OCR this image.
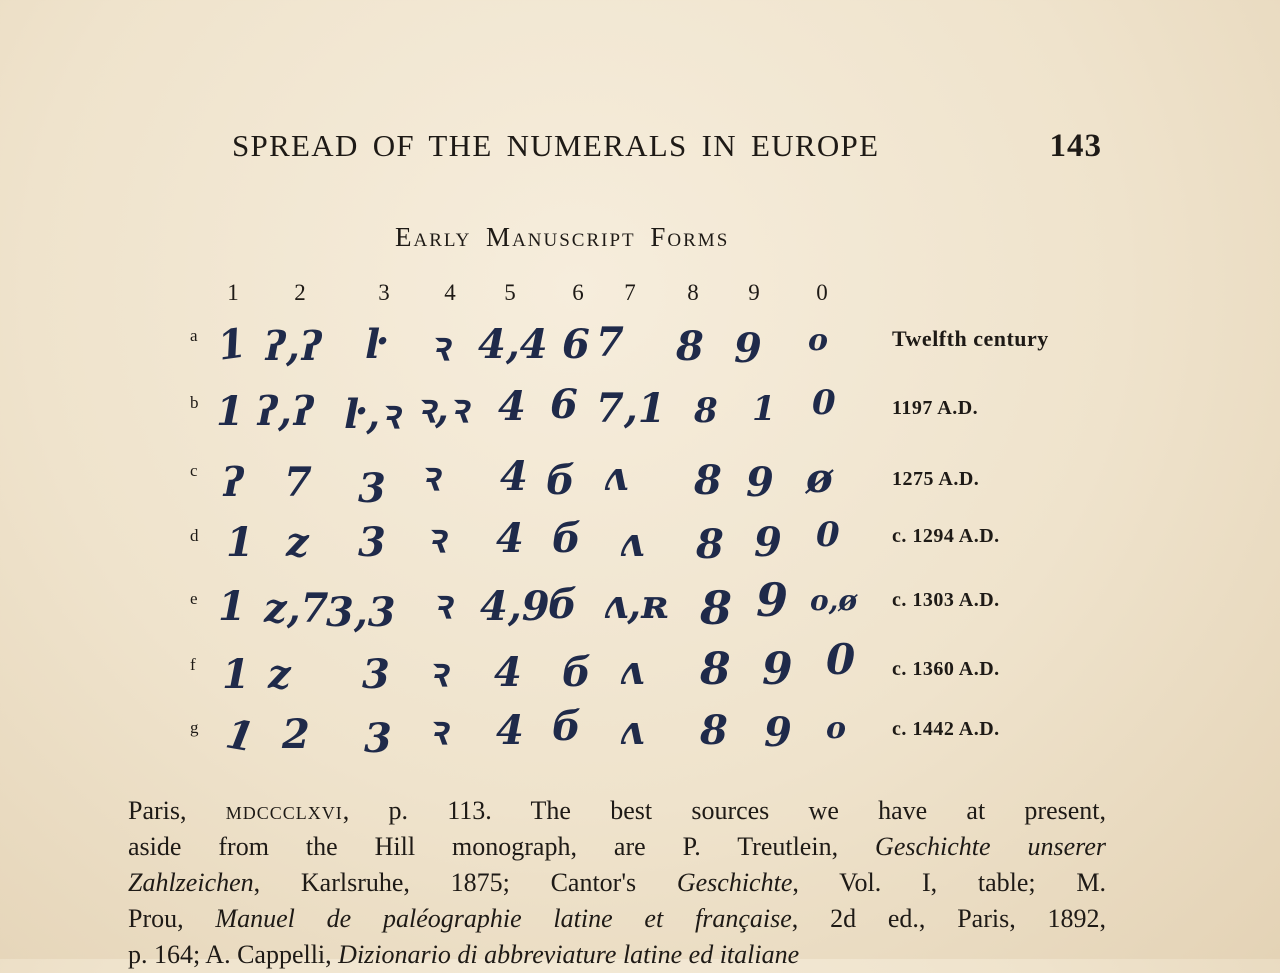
SPREAD OF THE NUMERALS IN EUROPE	143
Early Manuscript Forms
1 2	3 4 5 6 7 8 9 0
a
b
c
d
e
f
g
Twelfth century
1197 A.D.
1275 A.D.
c. 1294 A.D.
c. 1303 A.D.
c. 1360 A.D.
c. 1442 A.D.
1 ʔ,ʔ ŀ ꝛ 4,4 6 7 8 9 o
1 ʔ,ʔ ŀ,ꝛ ꝛ,ꝛ 4 6 7,1 8 1 0
ʔ 7 3 ꝛ 4 б ʌ 8 9 ø
1 z 3 ꝛ 4 б ʌ 8 9 0
1 z,7
3,3 ꝛ 4,9
б ʌ,ʀ 8 9 o,ø
1 z 3 ꝛ 4 б ʌ 8 9 0
1 2 3 ꝛ 4 б ʌ 8 9 o
Paris, mdccclxvi, p. 113. The best sources we have at present,
aside from the Hill monograph, are P. Treutlein, Geschichte unserer
Zahlzeichen, Karlsruhe, 1875; Cantor's Geschichte, Vol. I, table; M.
Prou, Manuel de paléographie latine et française, 2d ed., Paris, 1892,
p. 164; A. Cappelli, Dizionario di abbreviature latine ed italiane
